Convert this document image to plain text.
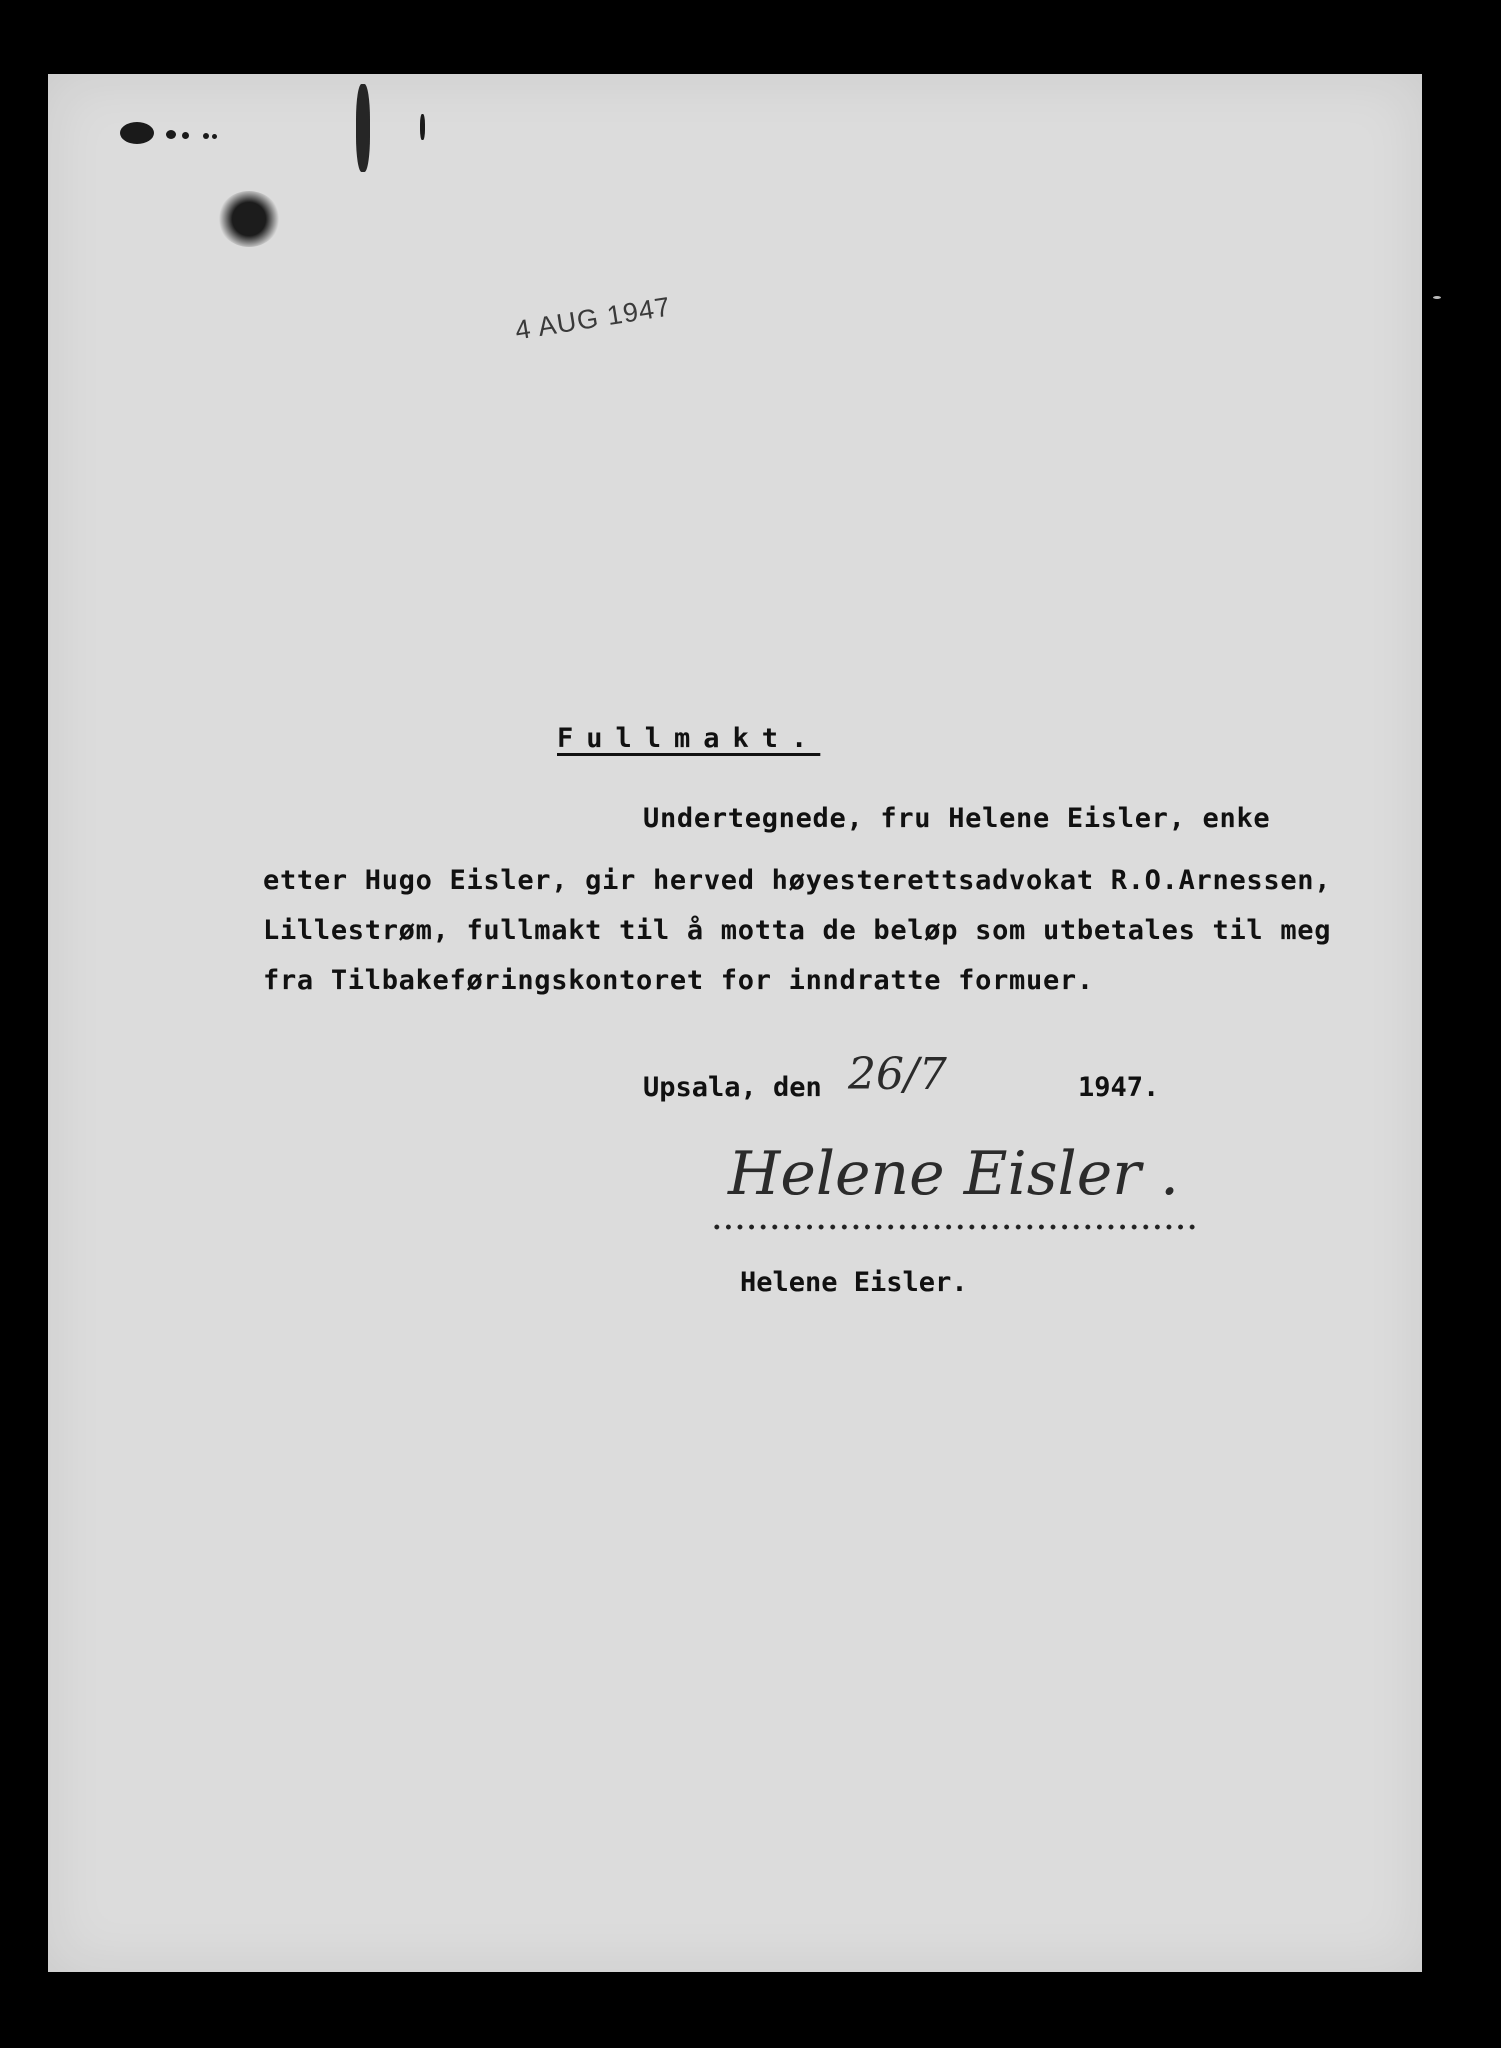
4 AUG 1947
Fullmakt.
Undertegnede, fru Helene Eisler, enke
etter Hugo Eisler, gir herved høyesterettsadvokat R.O.Arnessen,
Lillestrøm, fullmakt til å motta de beløp som utbetales til meg
fra Tilbakeføringskontoret for inndratte formuer.
Upsala, den 26/7	1947.
Helene Eisler .
Helene Eisler.
